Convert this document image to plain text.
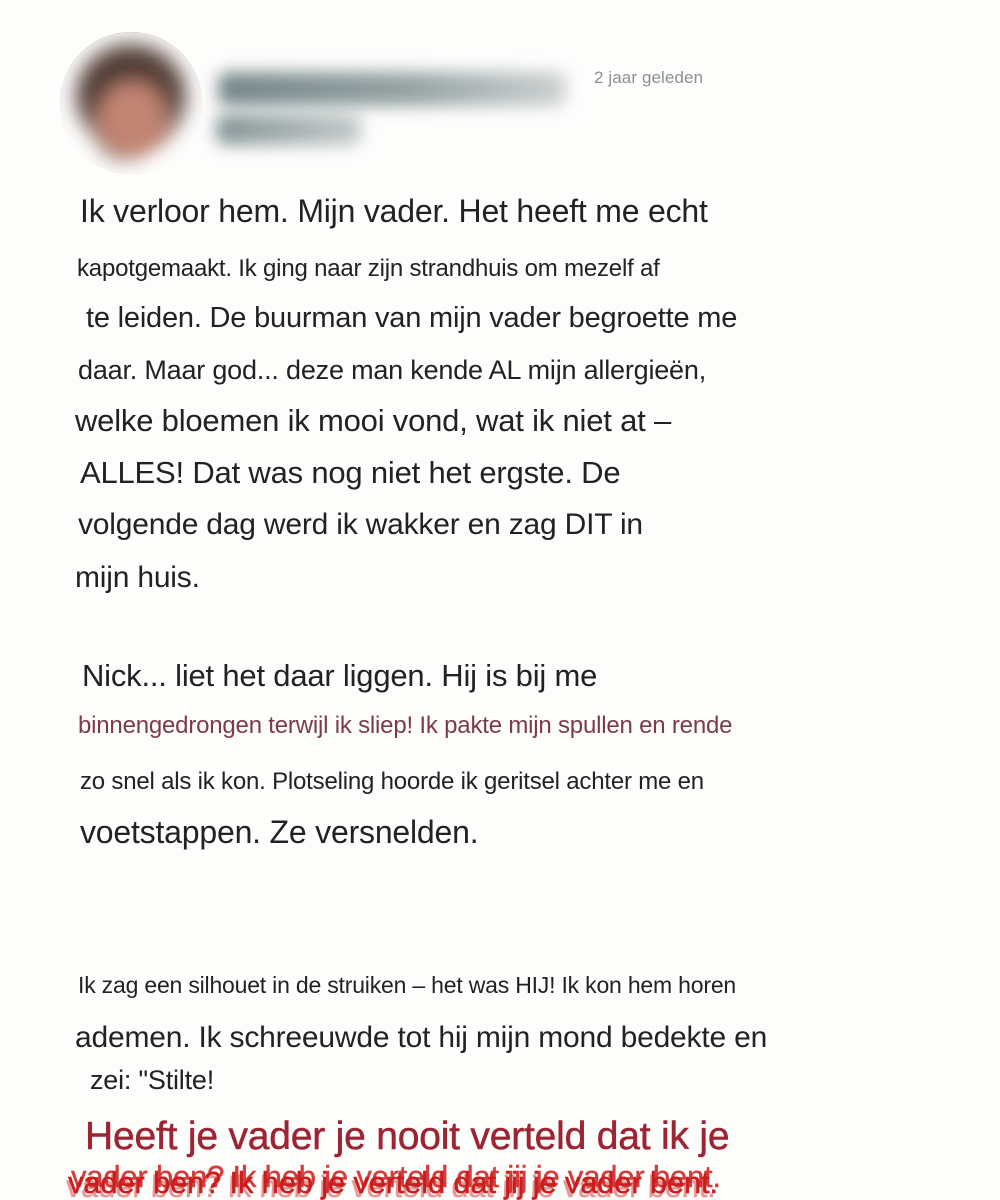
2 jaar geleden

Ik verloor hem. Mijn vader. Het heeft me echt

kapotgemaakt. Ik ging naar zijn strandhuis om mezelf af

te leiden. De buurman van mijn vader begroette me

daar. Maar god... deze man kende AL mijn allergieën,

welke bloemen ik mooi vond, wat ik niet at –

ALLES! Dat was nog niet het ergste. De

volgende dag werd ik wakker en zag DIT in

mijn huis.

Nick... liet het daar liggen. Hij is bij me

binnengedrongen terwijl ik sliep! Ik pakte mijn spullen en rende

zo snel als ik kon. Plotseling hoorde ik geritsel achter me en

voetstappen. Ze versnelden.

Ik zag een silhouet in de struiken – het was HIJ! Ik kon hem horen

ademen. Ik schreeuwde tot hij mijn mond bedekte en

zei: "Stilte!

Heeft je vader je nooit verteld dat ik je

vader ben? Ik heb je verteld dat jij je vader bent. vader ben? Ik heb je verteld dat jij je vader bent. vader ben? Ik heb je verteld dat jij je vader bent.
